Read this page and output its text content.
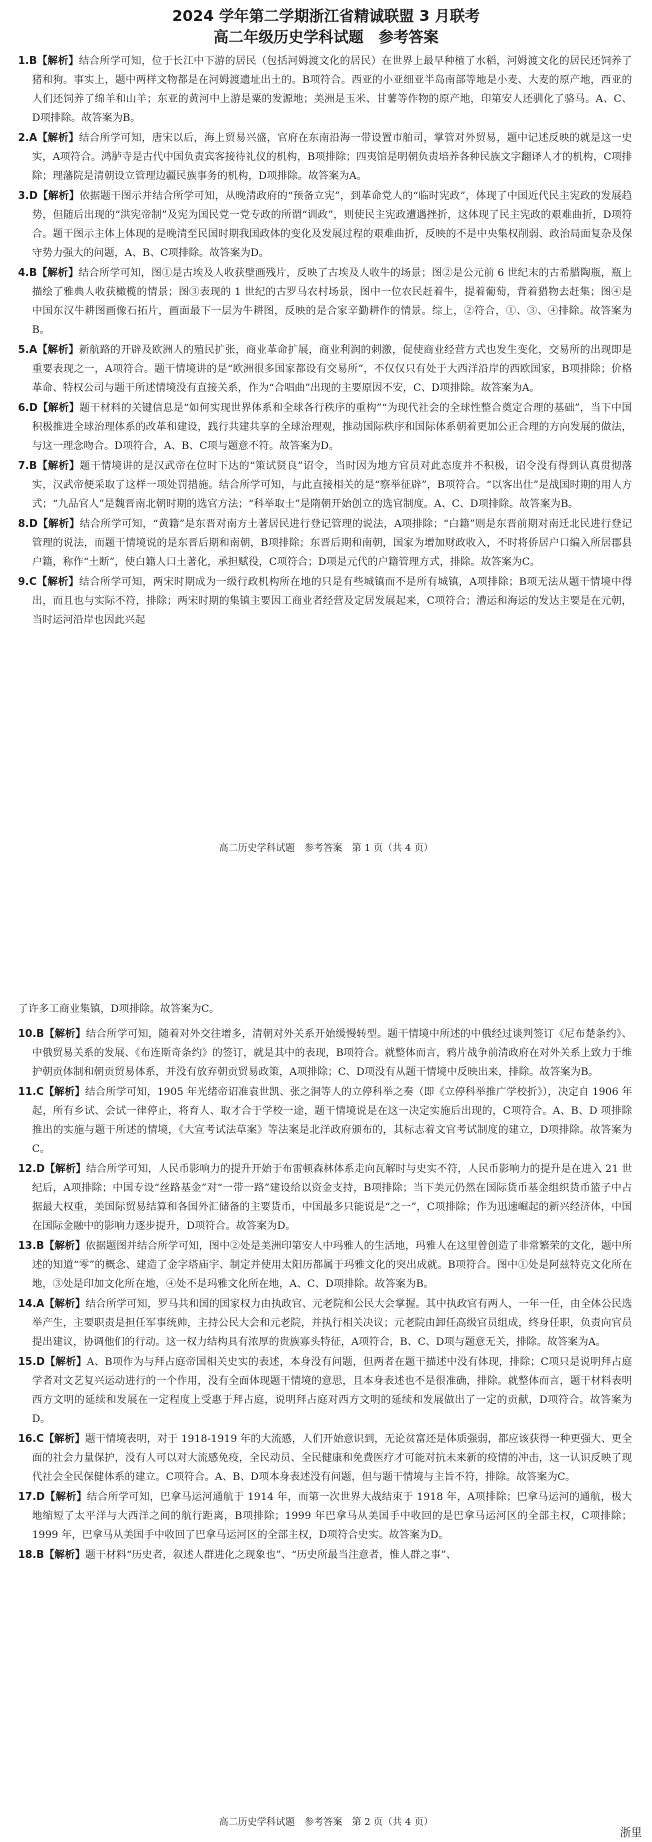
2024 学年第二学期浙江省精诚联盟 3 月联考
高二年级历史学科试题　参考答案
1.B【解析】结合所学可知，位于长江中下游的居民（包括河姆渡文化的居民）在世界上最早种植了水稻，河姆渡文化的居民还饲养了猪和狗。事实上，题中两样文物都是在河姆渡遗址出土的。B项符合。西亚的小亚细亚半岛南部等地是小麦、大麦的原产地，西亚的人们还饲养了绵羊和山羊；东亚的黄河中上游是粟的发源地；美洲是玉米、甘薯等作物的原产地，印第安人还驯化了骆马。A、C、D项排除。故答案为B。
2.A【解析】结合所学可知，唐宋以后，海上贸易兴盛，官府在东南沿海一带设置市舶司，掌管对外贸易，题中记述反映的就是这一史实，A项符合。鸿胪寺是古代中国负责宾客接待礼仪的机构，B项排除；四夷馆是明朝负责培养各种民族文字翻译人才的机构，C项排除；理藩院是清朝设立管理边疆民族事务的机构，D项排除。故答案为A。
3.D【解析】依据题干图示并结合所学可知，从晚清政府的“预备立宪”，到革命党人的“临时宪政”，体现了中国近代民主宪政的发展趋势，但随后出现的“洪宪帝制”及宪为国民党一党专政的所谓“训政”，则使民主宪政遭遇挫折，这体现了民主宪政的艰难曲折，D项符合。题干图示主体上体现的是晚清至民国时期我国政体的变化及发展过程的艰难曲折，反映的不是中央集权削弱、政治局面复杂及保守势力强大的问题，A、B、C项排除。故答案为D。
4.B【解析】结合所学可知，图①是古埃及人收获壁画残片，反映了古埃及人收牛的场景；图②是公元前 6 世纪末的古希腊陶瓶，瓶上描绘了雅典人收获橄榄的情景；图③表现的 1 世纪的古罗马农村场景，图中一位农民赶着牛，提着葡萄，背着猎物去赶集；图④是中国东汉牛耕图画像石拓片，画面最下一层为牛耕图，反映的是合家辛勤耕作的情景。综上，②符合，①、③、④排除。故答案为B。
5.A【解析】新航路的开辟及欧洲人的殖民扩张，商业革命扩展，商业利润的刺激，促使商业经营方式也发生变化，交易所的出现即是重要表现之一，A项符合。题干情境讲的是“欧洲很多国家都设有交易所”，不仅仅只有处于大西洋沿岸的西欧国家，B项排除；价格革命、特权公司与题干所述情境没有直接关系，作为“合唱曲”出现的主要原因不安，C、D项排除。故答案为A。
6.D【解析】题干材料的关键信息是“如何实现世界体系和全球各行秩序的重构”“为现代社会的全球性整合奠定合理的基础”，当下中国积极推进全球治理体系的改革和建设，践行共建共享的全球治理观，推动国际秩序和国际体系朝着更加公正合理的方向发展的做法，与这一理念吻合。D项符合，A、B、C项与题意不符。故答案为D。
7.B【解析】题干情境讲的是汉武帝在位时下达的“策试贤良”诏令，当时因为地方官员对此态度并不积极，诏令没有得到认真贯彻落实，汉武帝便采取了这样一项处罚措施。结合所学可知，与此直接相关的是“察举征辟”，B项符合。“以客出仕”是战国时期的用人方式；“九品官人”是魏晋南北朝时期的选官方法；“科举取士”是隋朝开始创立的选官制度。A、C、D项排除。故答案为B。
8.D【解析】结合所学可知，“黄籍”是东晋对南方土著居民进行登记管理的说法，A项排除；“白籍”则是东晋前期对南迁北民进行登记管理的说法，而题干情境说的是东晋后期和南朝，B项排除；东晋后期和南朝，国家为增加财政收入，不时将侨居户口编入所居郡县户籍，称作“土断”，使白籍人口土著化，承担赋役，C项符合；D项是元代的户籍管理方式，排除。故答案为C。
9.C【解析】结合所学可知，两宋时期成为一级行政机构所在地的只是有些城镇而不是所有城镇，A项排除；B项无法从题干情境中得出，而且也与实际不符，排除；两宋时期的集镇主要因工商业者经营及定居发展起来，C项符合；漕运和海运的发达主要是在元朝，当时运河沿岸也因此兴起
高二历史学科试题　参考答案　第 1 页（共 4 页）
了许多工商业集镇，D项排除。故答案为C。
10.B【解析】结合所学可知，随着对外交往增多，清朝对外关系开始缓慢转型。题干情境中所述的中俄经过谈判签订《尼布楚条约》、中俄贸易关系的发展、《布连斯奇条约》的签订，就是其中的表现，B项符合。就整体而言，鸦片战争前清政府在对外关系上致力于维护朝贡体制和朝贡贸易体系，并没有放弃朝贡贸易政策，A项排除；C、D项没有从题干情境中反映出来，排除。故答案为B。
11.C【解析】结合所学可知，1905 年光绪帝诏准袁世凯、张之洞等人的立停科举之奏（即《立停科举推广学校折》），决定自 1906 年起，所有乡试、会试一律停止，将育人、取才合于学校一途，题干情境说是在这一决定实施后出现的，C项符合。A、B、D 项排除推出的实施与题干所述的情境，《大宣考试法草案》等法案是北洋政府颁布的，其标志着文官考试制度的建立，D项排除。故答案为C。
12.D【解析】结合所学可知，人民币影响力的提升开始于布雷顿森林体系走向瓦解时与史实不符，人民币影响力的提升是在进入 21 世纪后，A项排除；中国专设“丝路基金”对“一带一路”建设给以资金支持，B项排除；当下美元仍然在国际货币基金组织货币篮子中占据最大权重，美国际贸易结算和各国外汇储备的主要货币，中国最多只能说是“之一”，C项排除；作为迅速崛起的新兴经济体，中国在国际金融中的影响力逐步提升，D项符合。故答案为D。
13.B【解析】依据题图并结合所学可知，图中②处是美洲印第安人中玛雅人的生活地，玛雅人在这里曾创造了非常繁荣的文化，题中所述的知道“零”的概念、建造了金字塔庙宇、制定并使用太阳历都属于玛雅文化的突出成就。B项符合。图中①处是阿兹特克文化所在地，③处是印加文化所在地，④处不是玛雅文化所在地，A、C、D项排除。故答案为B。
14.A【解析】结合所学可知，罗马共和国的国家权力由执政官、元老院和公民大会掌握。其中执政官有两人，一年一任，由全体公民选举产生，主要职责是担任军事统帅，主持公民大会和元老院，并执行相关决议；元老院由卸任高级官员组成，终身任职，负责向官员提出建议，协调他们的行动。这一权力结构具有浓厚的贵族寡头特征，A项符合，B、C、D项与题意无关，排除。故答案为A。
15.D【解析】A、B项作为与拜占庭帝国相关史实的表述，本身没有问题，但两者在题干描述中没有体现，排除；C项只是说明拜占庭学者对文艺复兴运动进行的一个作用，没有全面体现题干情境的意思，且本身表述也不是很准确，排除。就整体而言，题干材料表明西方文明的延续和发展在一定程度上受惠于拜占庭，说明拜占庭对西方文明的延续和发展做出了一定的贡献，D项符合。故答案为D。
16.C【解析】题干情境表明，对于 1918-1919 年的大流感，人们开始意识到，无论贫富还是体质强弱，都应该获得一种更强大、更全面的社会力量保护，没有人可以对大流感免疫，全民动员、全民健康和免费医疗才可能对抗未来新的疫情的冲击，这一认识反映了现代社会全民保健体系的建立。C项符合。A、B、D项本身表述没有问题，但与题干情境与主旨不符，排除。故答案为C。
17.D【解析】结合所学可知，巴拿马运河通航于 1914 年，而第一次世界大战结束于 1918 年，A项排除；巴拿马运河的通航，极大地缩短了太平洋与大西洋之间的航行距离，B项排除；1999 年巴拿马从美国手中收回的是巴拿马运河区的全部主权，C项排除；1999 年，巴拿马从美国手中收回了巴拿马运河区的全部主权，D项符合史实。故答案为D。
18.B【解析】题干材料“历史者，叙述人群进化之现象也”、“历史所最当注意者，惟人群之事”、
高二历史学科试题　参考答案　第 2 页（共 4 页）
浙里
